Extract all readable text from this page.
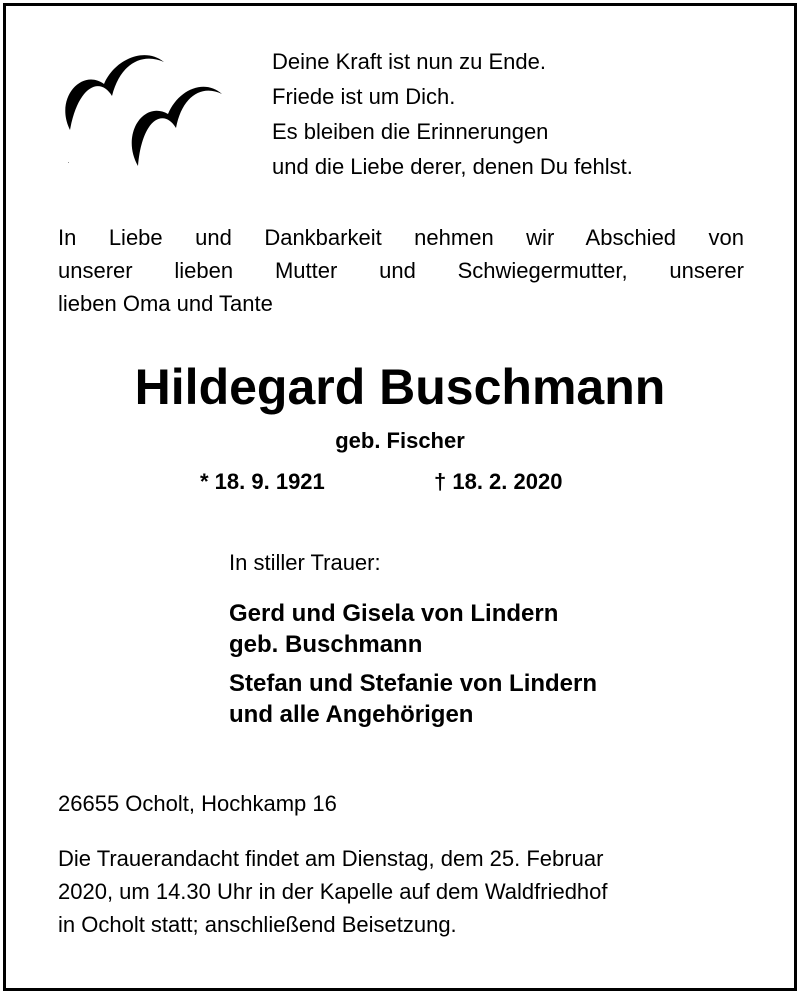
Deine Kraft ist nun zu Ende.
Friede ist um Dich.
Es bleiben die Erinnerungen
und die Liebe derer, denen Du fehlst.
In Liebe und Dankbarkeit nehmen wir Abschied von
unserer lieben Mutter und Schwiegermutter, unserer
lieben Oma und Tante
Hildegard Buschmann
geb. Fischer
* 18. 9. 1921	† 18. 2. 2020
In stiller Trauer:
Gerd und Gisela von Lindern
geb. Buschmann
Stefan und Stefanie von Lindern
und alle Angehörigen
26655 Ocholt, Hochkamp 16
Die Trauerandacht findet am Dienstag, dem 25. Februar
2020, um 14.30 Uhr in der Kapelle auf dem Waldfriedhof
in Ocholt statt; anschließend Beisetzung.
